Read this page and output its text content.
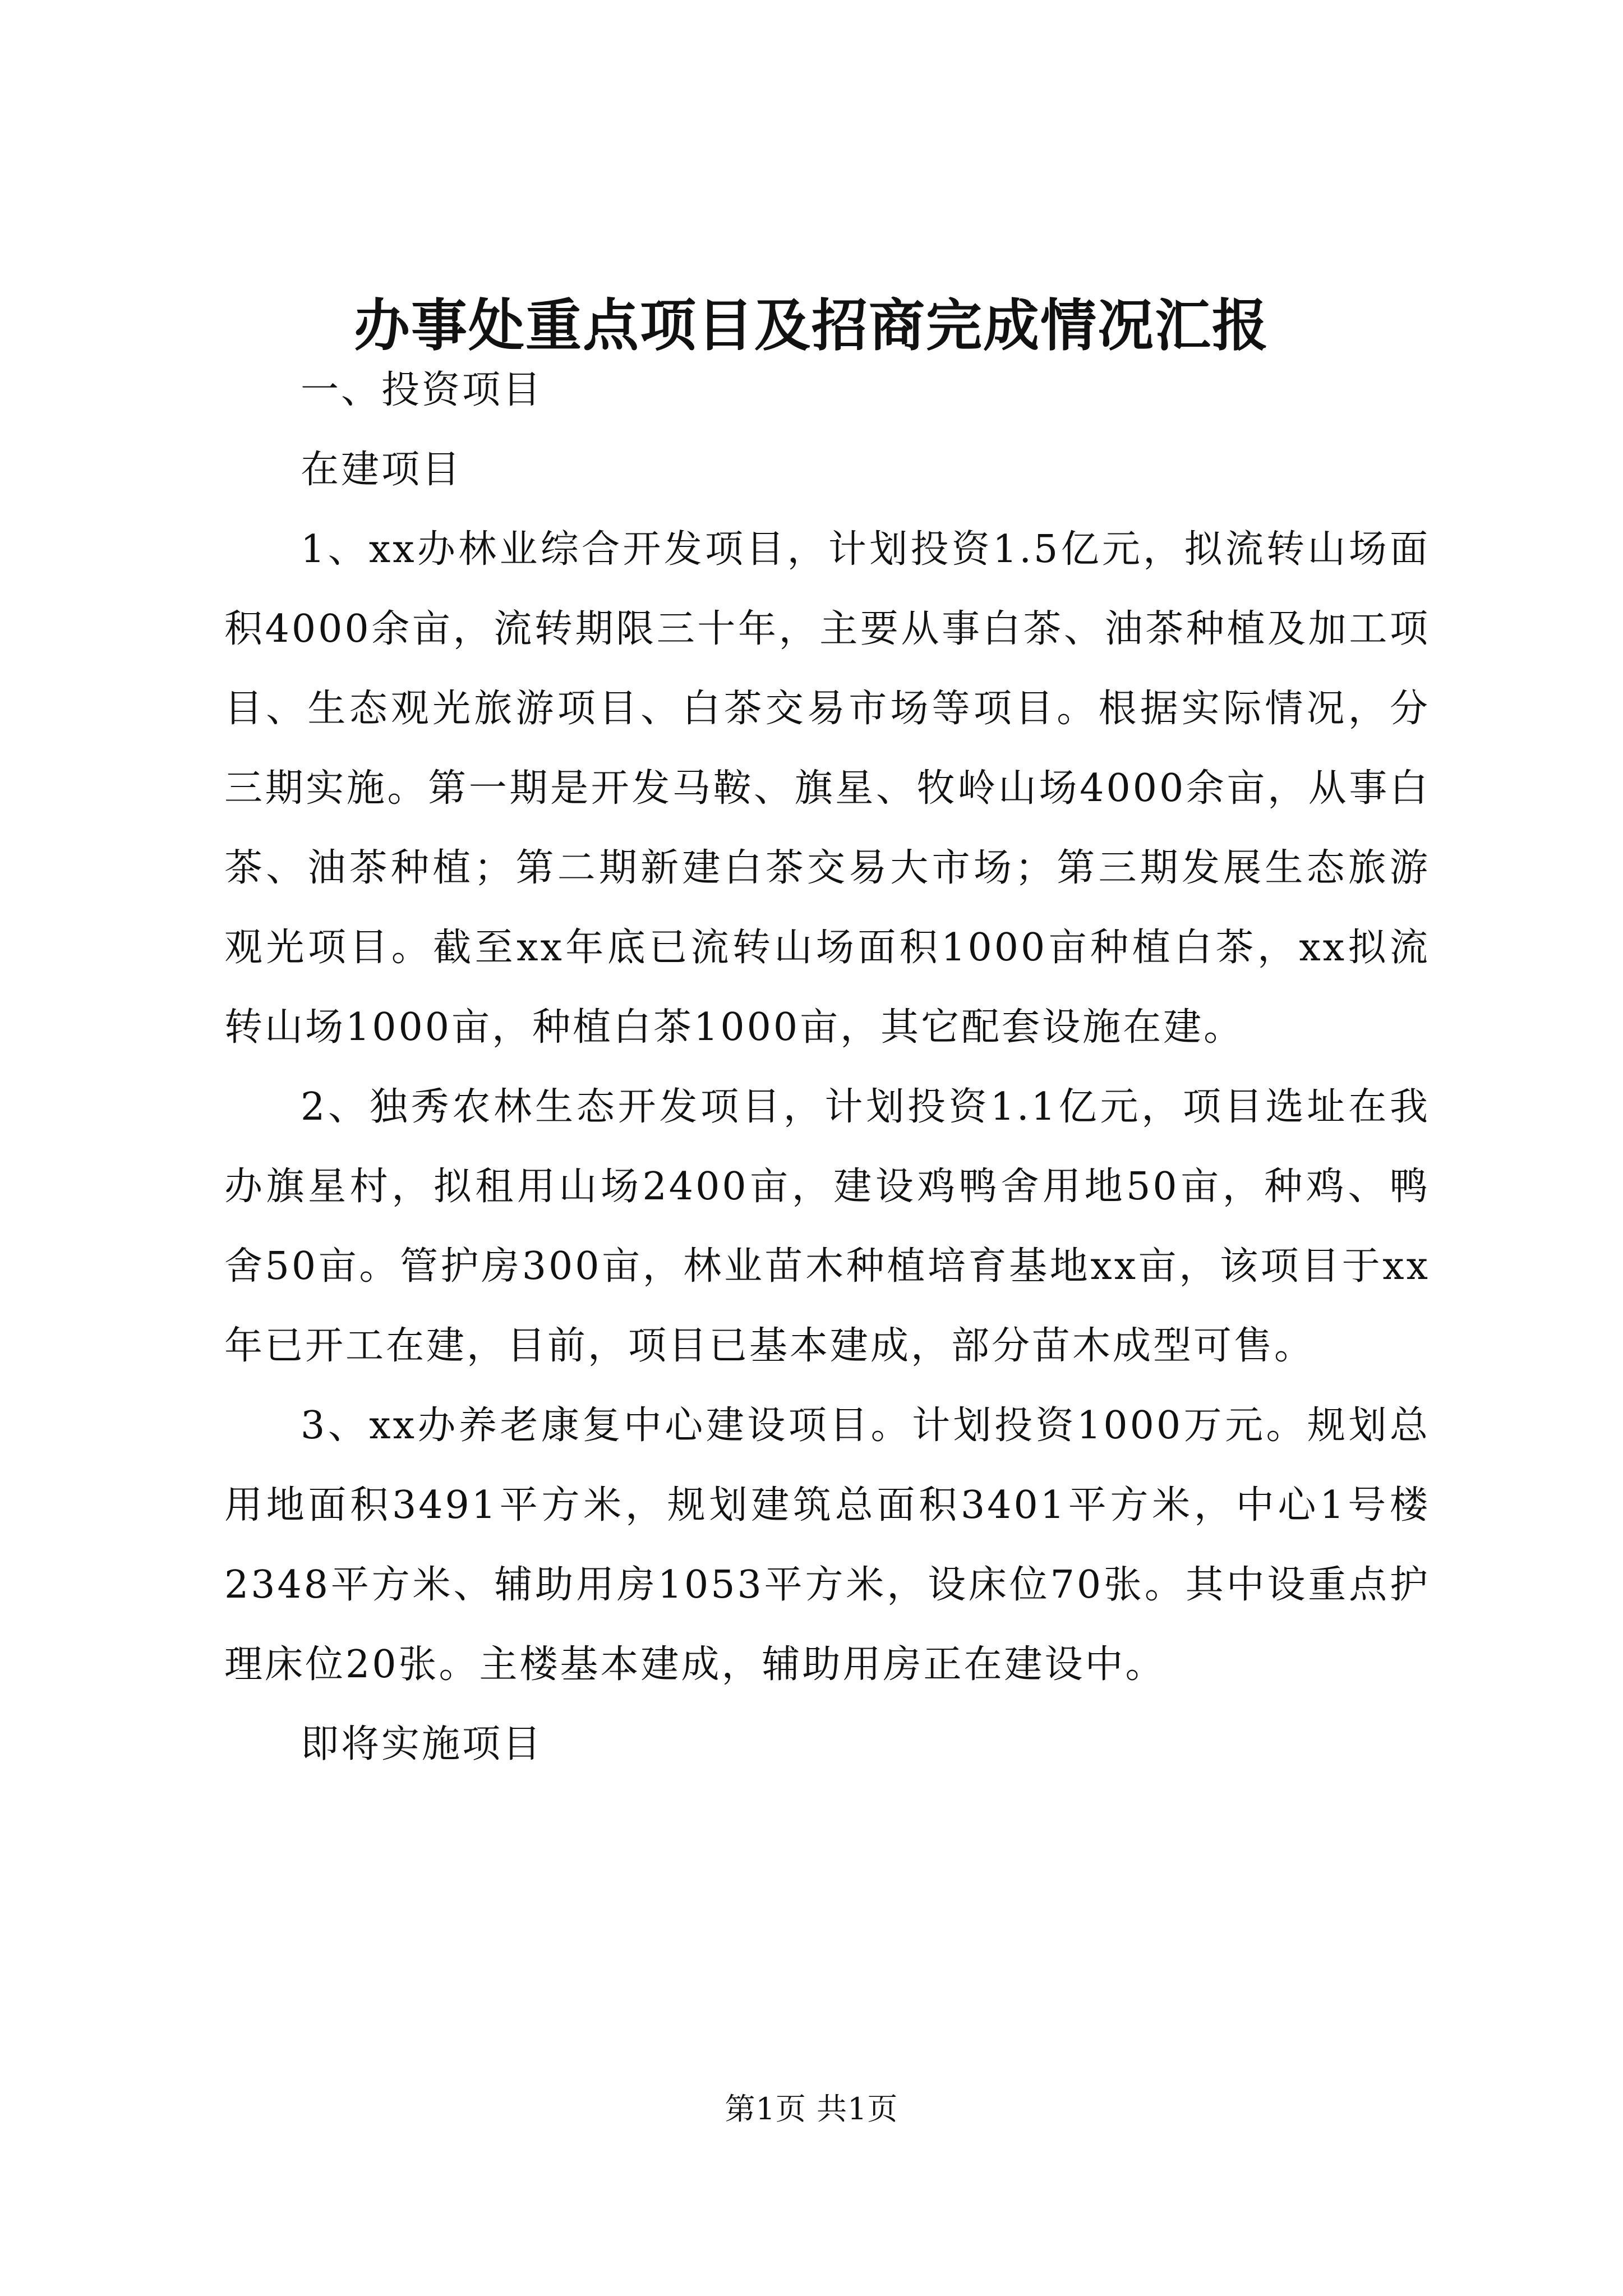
办事处重点项目及招商完成情况汇报

一、投资项目

在建项目

1、xx办林业综合开发项目，计划投资1.5亿元，拟流转山场面积4000余亩，流转期限三十年，主要从事白茶、油茶种植及加工项目、生态观光旅游项目、白茶交易市场等项目。根据实际情况，分三期实施。第一期是开发马鞍、旗星、牧岭山场4000余亩，从事白茶、油茶种植；第二期新建白茶交易大市场；第三期发展生态旅游观光项目。截至xx年底已流转山场面积1000亩种植白茶，xx拟流转山场1000亩，种植白茶1000亩，其它配套设施在建。

2、独秀农林生态开发项目，计划投资1.1亿元，项目选址在我办旗星村，拟租用山场2400亩，建设鸡鸭舍用地50亩，种鸡、鸭舍50亩。管护房300亩，林业苗木种植培育基地xx亩，该项目于xx年已开工在建，目前，项目已基本建成，部分苗木成型可售。

3、xx办养老康复中心建设项目。计划投资1000万元。规划总用地面积3491平方米，规划建筑总面积3401平方米，中心1号楼2348平方米、辅助用房1053平方米，设床位70张。其中设重点护理床位20张。主楼基本建成，辅助用房正在建设中。

即将实施项目

第1页 共1页
